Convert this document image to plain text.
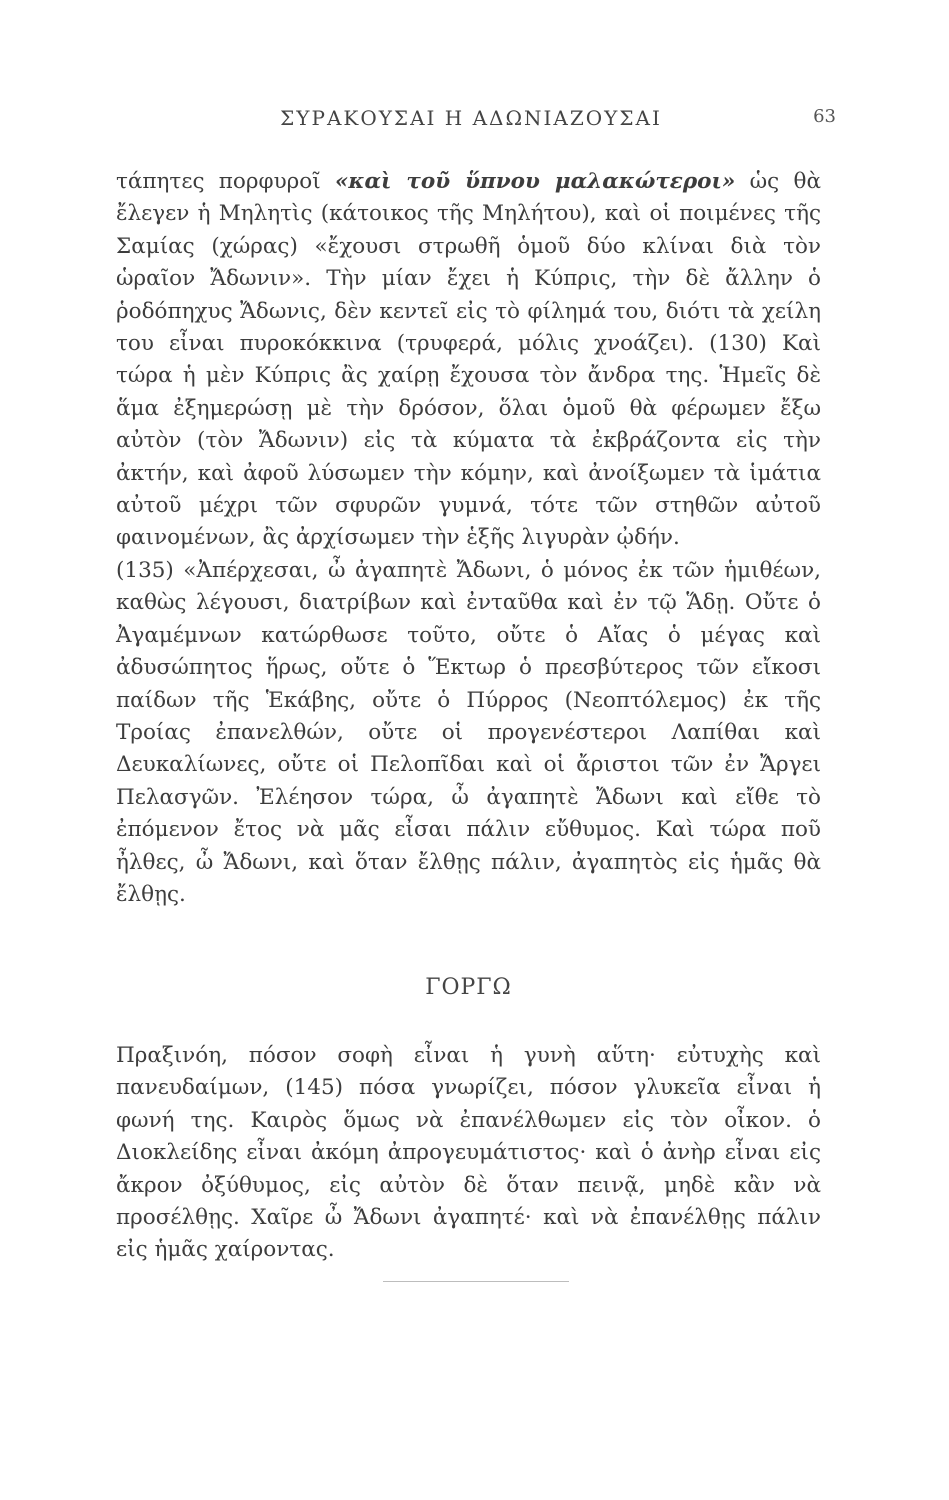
ΣΥΡΑΚΟΥΣΑΙ Η ΑΔΩΝΙΑΖΟΥΣΑΙ	63

τάπητες πορφυροῖ «καὶ τοῦ ὕπνου μαλακώτεροι» ὡς θὰ ἔλεγεν ἡ Μηλητὶς (κάτοικος τῆς Μηλήτου), καὶ οἱ ποιμένες τῆς Σαμίας (χώρας) «ἔχουσι στρωθῆ ὁμοῦ δύο κλίναι διὰ τὸν ὡραῖον Ἄδωνιν». Τὴν μίαν ἔχει ἡ Κύπρις, τὴν δὲ ἄλλην ὁ ῥοδόπηχυς Ἄδωνις, δὲν κεντεῖ εἰς τὸ φίλημά του, διότι τὰ χείλη του εἶναι πυροκόκκινα (τρυφερά, μόλις χνοάζει). (130) Καὶ τώρα ἡ μὲν Κύπρις ἂς χαίρῃ ἔχουσα τὸν ἄνδρα της. Ἡμεῖς δὲ ἅμα ἐξημερώσῃ μὲ τὴν δρόσον, ὅλαι ὁμοῦ θὰ φέρωμεν ἔξω αὐτὸν (τὸν Ἄδωνιν) εἰς τὰ κύματα τὰ ἐκβράζοντα εἰς τὴν ἀκτήν, καὶ ἀφοῦ λύσωμεν τὴν κόμην, καὶ ἀνοίξωμεν τὰ ἱμάτια αὐτοῦ μέχρι τῶν σφυρῶν γυμνά, τότε τῶν στηθῶν αὐτοῦ φαινομένων, ἂς ἀρχίσωμεν τὴν ἑξῆς λιγυρὰν ᾠδήν.

(135) «Ἀπέρχεσαι, ὦ ἀγαπητὲ Ἄδωνι, ὁ μόνος ἐκ τῶν ἡμιθέων, καθὼς λέγουσι, διατρίβων καὶ ἐνταῦθα καὶ ἐν τῷ Ἅδῃ. Οὔτε ὁ Ἀγαμέμνων κατώρθωσε τοῦτο, οὔτε ὁ Αἴας ὁ μέγας καὶ ἀδυσώπητος ἥρως, οὔτε ὁ Ἕκτωρ ὁ πρεσβύτερος τῶν εἴκοσι παίδων τῆς Ἑκάβης, οὔτε ὁ Πύρρος (Νεοπτόλεμος) ἐκ τῆς Τροίας ἐπανελθών, οὔτε οἱ προγενέστεροι Λαπίθαι καὶ Δευκαλίωνες, οὔτε οἱ Πελοπῖδαι καὶ οἱ ἄριστοι τῶν ἐν Ἄργει Πελασγῶν. Ἐλέησον τώρα, ὦ ἀγαπητὲ Ἄδωνι καὶ εἴθε τὸ ἐπόμενον ἔτος νὰ μᾶς εἶσαι πάλιν εὔθυμος. Καὶ τώρα ποῦ ἦλθες, ὦ Ἄδωνι, καὶ ὅταν ἔλθῃς πάλιν, ἀγαπητὸς εἰς ἡμᾶς θὰ ἔλθῃς.

ΓΟΡΓΩ

Πραξινόη, πόσον σοφὴ εἶναι ἡ γυνὴ αὕτη· εὐτυχὴς καὶ πανευδαίμων, (145) πόσα γνωρίζει, πόσον γλυκεῖα εἶναι ἡ φωνή της. Καιρὸς ὅμως νὰ ἐπανέλθωμεν εἰς τὸν οἶκον. ὁ Διοκλείδης εἶναι ἀκόμη ἀπρογευμάτιστος· καὶ ὁ ἀνὴρ εἶναι εἰς ἄκρον ὀξύθυμος, εἰς αὐτὸν δὲ ὅταν πεινᾷ, μηδὲ κἂν νὰ προσέλθῃς. Χαῖρε ὦ Ἄδωνι ἀγαπητέ· καὶ νὰ ἐπανέλθῃς πάλιν εἰς ἡμᾶς χαίροντας.
